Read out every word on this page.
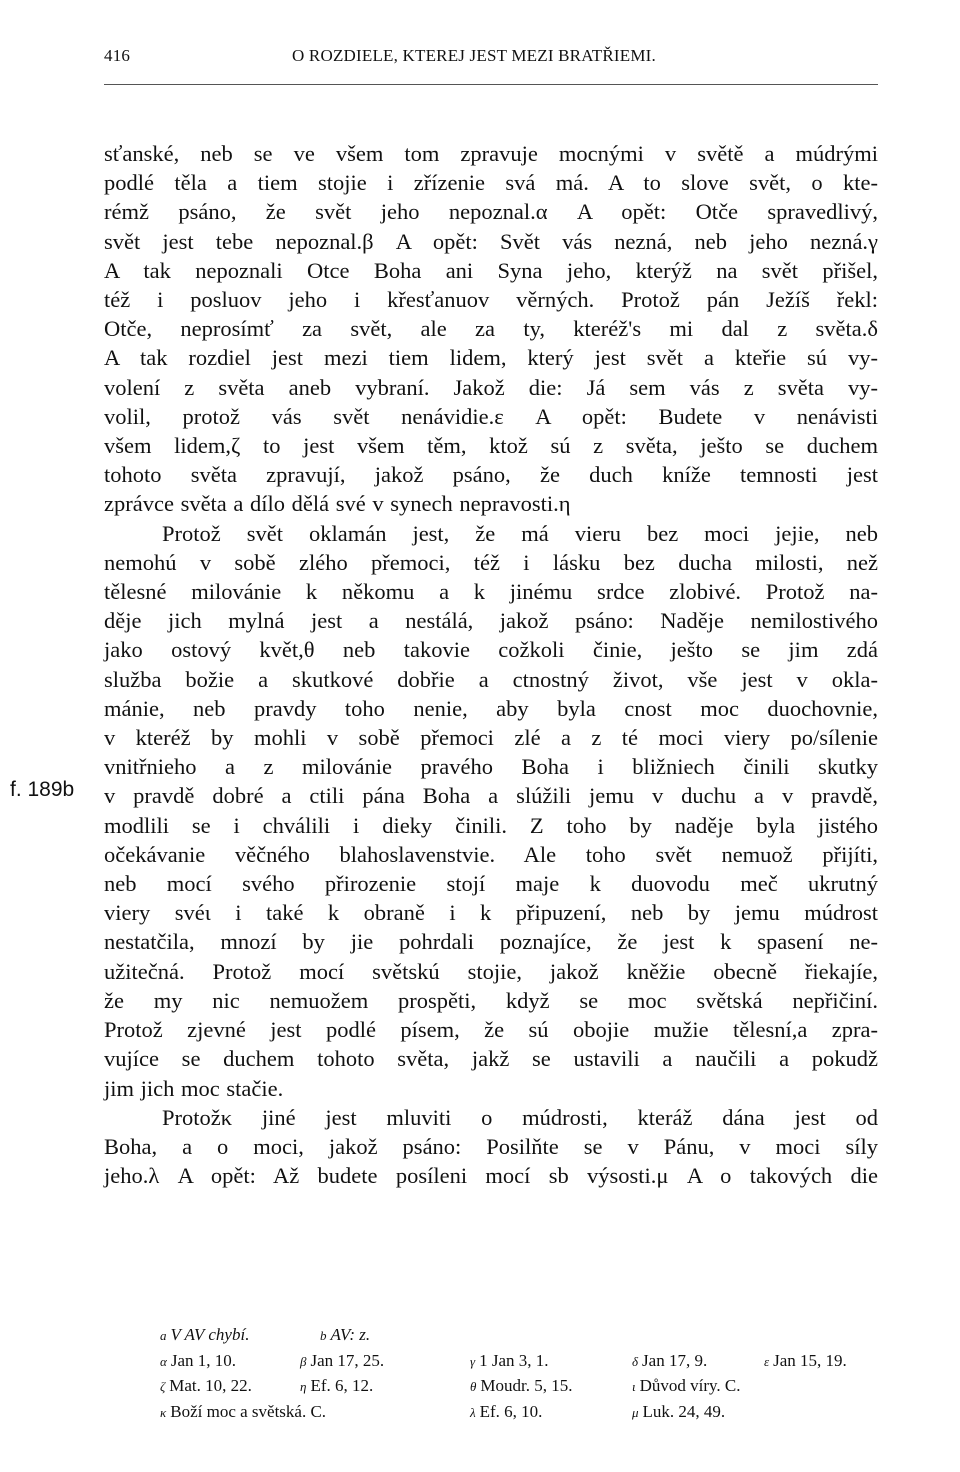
416	O ROZDIELE, KTEREJ JEST MEZI BRATŘIEMI.
sťanské, neb se ve všem tom zpravuje mocnými v světě a múdrými
podlé těla a tiem stojie i zřízenie svá má. A to slove svět, o kte-
rémž psáno, že svět jeho nepoznal.α A opět: Otče spravedlivý,
svět jest tebe nepoznal.β A opět: Svět vás nezná, neb jeho nezná.γ
A tak nepoznali Otce Boha ani Syna jeho, kterýž na svět přišel,
též i posluov jeho i křesťanuov věrných. Protož pán Ježíš řekl:
Otče, neprosímť za svět, ale za ty, kteréž's mi dal z světa.δ
A tak rozdiel jest mezi tiem lidem, který jest svět a kteřie sú vy-
volení z světa aneb vybraní. Jakož die: Já sem vás z světa vy-
volil, protož vás svět nenávidie.ε A opět: Budete v nenávisti
všem lidem,ζ to jest všem těm, ktož sú z světa, ješto se duchem
tohoto světa zpravují, jakož psáno, že duch kníže temnosti jest
zprávce světa a dílo dělá své v synech nepravosti.η
Protož svět oklamán jest, že má vieru bez moci jejie, neb
nemohú v sobě zlého přemoci, též i lásku bez ducha milosti, než
tělesné milovánie k někomu a k jinému srdce zlobivé. Protož na-
děje jich mylná jest a nestálá, jakož psáno: Naděje nemilostivého
jako ostový květ,θ neb takovie cožkoli činie, ješto se jim zdá
služba božie a skutkové dobřie a ctnostný život, vše jest v okla-
mánie, neb pravdy toho nenie, aby byla cnost moc duochovnie,
v kteréž by mohli v sobě přemoci zlé a z té moci viery po/sílenie
vnitřnieho a z milovánie pravého Boha i bližniech činili skutky
v pravdě dobré a ctili pána Boha a slúžili jemu v duchu a v pravdě,
modlili se i chválili i dieky činili. Z toho by naděje byla jistého
očekávanie věčného blahoslavenstvie. Ale toho svět nemuož přijíti,
neb mocí svého přirozenie stojí maje k duovodu meč ukrutný
viery svéι i také k obraně i k připuzení, neb by jemu múdrost
nestatčila, mnozí by jie pohrdali poznajíce, že jest k spasení ne-
užitečná. Protož mocí světskú stojie, jakož kněžie obecně řiekajíe,
že my nic nemuožem prospěti, když se moc světská nepřičiní.
Protož zjevné jest podlé písem, že sú obojie mužie tělesní,a zpra-
vujíce se duchem tohoto světa, jakž se ustavili a naučili a pokudž
jim jich moc stačie.
Protožκ jiné jest mluviti o múdrosti, kteráž dána jest od
Boha, a o moci, jakož psáno: Posilňte se v Pánu, v moci síly
jeho.λ A opět: Až budete posíleni mocí sb výsosti.μ A o takových die
f. 189b
a V AV chybí.	b AV: z.
α Jan 1, 10.	β Jan 17, 25.	γ 1 Jan 3, 1.	δ Jan 17, 9.	ε Jan 15, 19.
ζ Mat. 10, 22.	η Ef. 6, 12.	θ Moudr. 5, 15.	ι Důvod víry. C.
κ Boží moc a světská. C.	λ Ef. 6, 10.	μ Luk. 24, 49.
